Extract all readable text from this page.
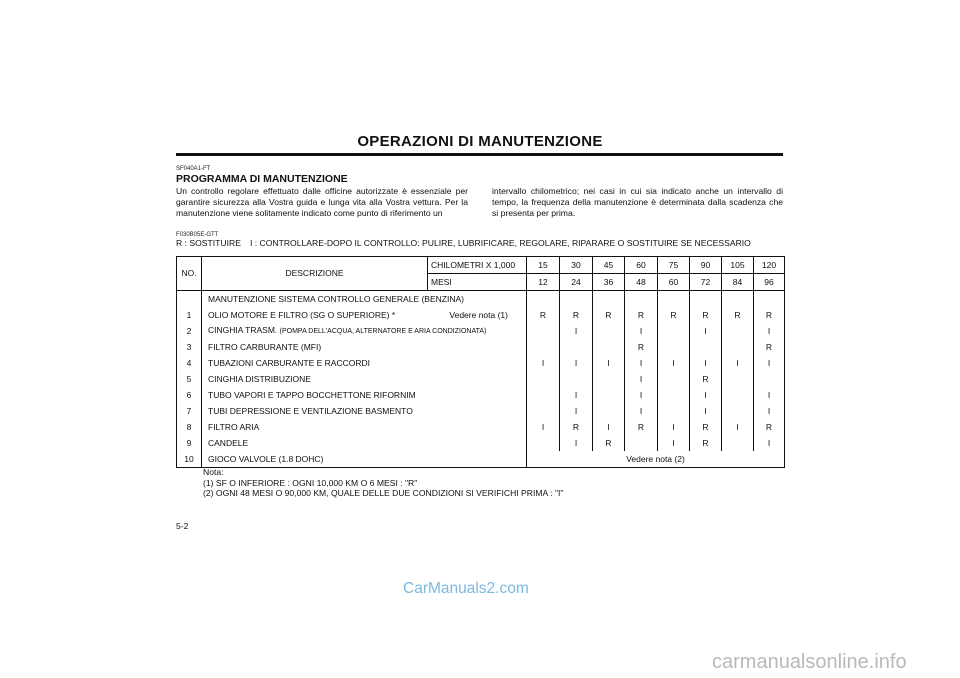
OPERAZIONI DI MANUTENZIONE
SF040A1-FT
PROGRAMMA DI MANUTENZIONE
Un controllo regolare effettuato dalle officine autorizzate è essenziale per garantire sicurezza alla Vostra guida e lunga vita alla Vostra vettura. Per la manutenzione viene solitamente indicato come punto di riferimento un
intervallo chilometrico; nei casi in cui sia indicato anche un intervallo di tempo, la frequenza della manutenzione è determinata dalla scadenza che si presenta per prima.
F030B05E-GTT
R : SOSTITUIRE I : CONTROLLARE-DOPO IL CONTROLLO: PULIRE, LUBRIFICARE, REGOLARE, RIPARARE O SOSTITUIRE SE NECESSARIO
NO.	DESCRIZIONE	CHILOMETRI X 1,000	15	30	45	60	75	90	105	120
		MESI	12	24	36	48	60	72	84	96
	MANUTENZIONE SISTEMA CONTROLLO GENERALE (BENZINA)									
1	OLIO MOTORE E FILTRO (SG O SUPERIORE) * Vedere nota (1)		R	R	R	R	R	R	R	R
2	CINGHIA TRASM. (POMPA DELL'ACQUA, ALTERNATORE E ARIA CONDIZIONATA)			I		I		I		I
3	FILTRO CARBURANTE (MFI)					R				R
4	TUBAZIONI CARBURANTE E RACCORDI		I	I	I	I	I	I	I	I
5	CINGHIA DISTRIBUZIONE					I		R		
6	TUBO VAPORI E TAPPO BOCCHETTONE RIFORNIM			I		I		I		I
7	TUBI DEPRESSIONE E VENTILAZIONE BASMENTO			I		I		I		I
8	FILTRO ARIA		I	R	I	R	I	R	I	R
9	CANDELE			I	R		I	R		I
10	GIOCO VALVOLE (1.8 DOHC)		Vedere nota (2)							
Nota:
(1) SF O INFERIORE : OGNI 10,000 KM O 6 MESI : "R"
(2) OGNI 48 MESI O 90,000 KM, QUALE DELLE DUE CONDIZIONI SI VERIFICHI PRIMA : "I"
5-2
CarManuals2.com
carmanualsonline.info
